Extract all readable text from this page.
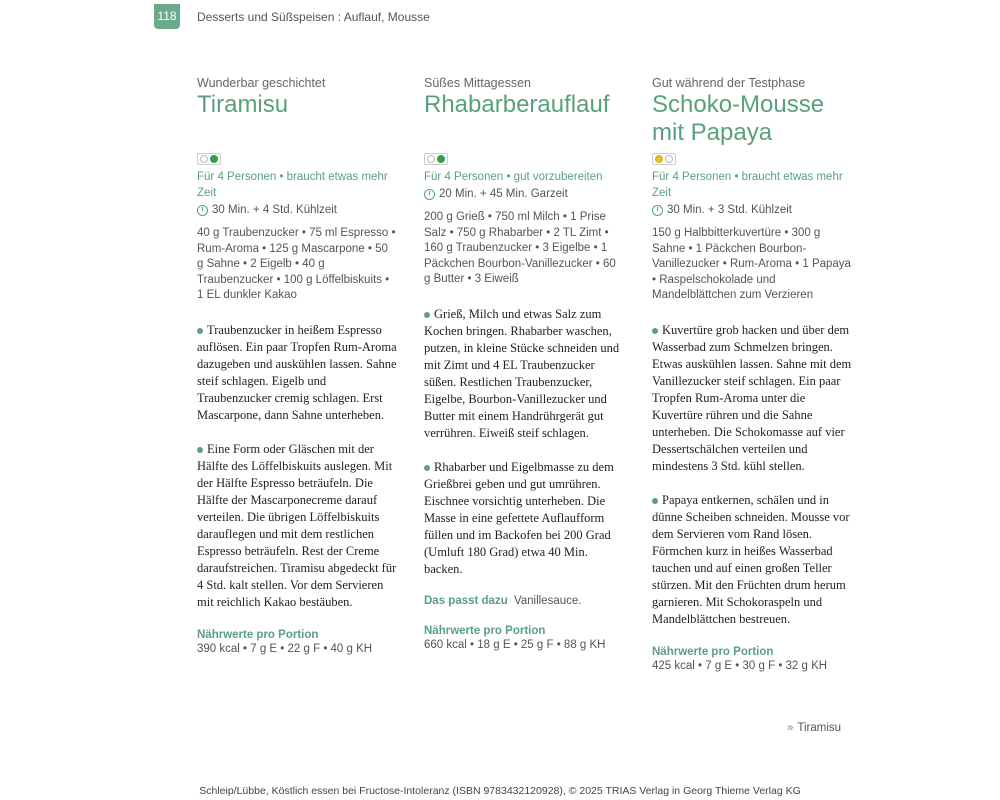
118 Desserts und Süßspeisen : Auflauf, Mousse
Wunderbar geschichtet
Tiramisu
Für 4 Personen • braucht etwas mehr Zeit
30 Min. + 4 Std. Kühlzeit
40 g Traubenzucker • 75 ml Espresso • Rum-Aroma • 125 g Mascarpone • 50 g Sahne • 2 Eigelb • 40 g Traubenzucker • 100 g Löffelbiskuits • 1 EL dunkler Kakao
Traubenzucker in heißem Espresso auflösen. Ein paar Tropfen Rum-Aroma dazugeben und auskühlen lassen. Sahne steif schlagen. Eigelb und Traubenzucker cremig schlagen. Erst Mascarpone, dann Sahne unterheben.
Eine Form oder Gläschen mit der Hälfte des Löffelbiskuits auslegen. Mit der Hälfte Espresso beträufeln. Die Hälfte der Mascarponecreme darauf verteilen. Die übrigen Löffelbiskuits darauflegen und mit dem restlichen Espresso beträufeln. Rest der Creme daraufstreichen. Tiramisu abgedeckt für 4 Std. kalt stellen. Vor dem Servieren mit reichlich Kakao bestäuben.
Nährwerte pro Portion
390 kcal • 7 g E • 22 g F • 40 g KH
Süßes Mittagessen
Rhabarberauflauf
Für 4 Personen • gut vorzubereiten
20 Min. + 45 Min. Garzeit
200 g Grieß • 750 ml Milch • 1 Prise Salz • 750 g Rhabarber • 2 TL Zimt • 160 g Traubenzucker • 3 Eigelbe • 1 Päckchen Bourbon-Vanillezucker • 60 g Butter • 3 Eiweiß
Grieß, Milch und etwas Salz zum Kochen bringen. Rhabarber waschen, putzen, in kleine Stücke schneiden und mit Zimt und 4 EL Traubenzucker süßen. Restlichen Traubenzucker, Eigelbe, Bourbon-Vanillezucker und Butter mit einem Handrührgerät gut verrühren. Eiweiß steif schlagen.
Rhabarber und Eigelbmasse zu dem Grießbrei geben und gut umrühren. Eischnee vorsichtig unterheben. Die Masse in eine gefettete Auflaufform füllen und im Backofen bei 200 Grad (Umluft 180 Grad) etwa 40 Min. backen.
Das passt dazu Vanillesauce.
Nährwerte pro Portion
660 kcal • 18 g E • 25 g F • 88 g KH
Gut während der Testphase
Schoko-Mousse mit Papaya
Für 4 Personen • braucht etwas mehr Zeit
30 Min. + 3 Std. Kühlzeit
150 g Halbbitterkuvertüre • 300 g Sahne • 1 Päckchen Bourbon-Vanillezucker • Rum-Aroma • 1 Papaya • Raspelschokolade und Mandelblättchen zum Verzieren
Kuvertüre grob hacken und über dem Wasserbad zum Schmelzen bringen. Etwas auskühlen lassen. Sahne mit dem Vanillezucker steif schlagen. Ein paar Tropfen Rum-Aroma unter die Kuvertüre rühren und die Sahne unterheben. Die Schokomasse auf vier Dessertschälchen verteilen und mindestens 3 Std. kühl stellen.
Papaya entkernen, schälen und in dünne Scheiben schneiden. Mousse vor dem Servieren vom Rand lösen. Förmchen kurz in heißes Wasserbad tauchen und auf einen großen Teller stürzen. Mit den Früchten drum herum garnieren. Mit Schokoraspeln und Mandelblättchen bestreuen.
Nährwerte pro Portion
425 kcal • 7 g E • 30 g F • 32 g KH
» Tiramisu
Schleip/Lübbe, Köstlich essen bei Fructose-Intoleranz (ISBN 9783432120928), © 2025 TRIAS Verlag in Georg Thieme Verlag KG
